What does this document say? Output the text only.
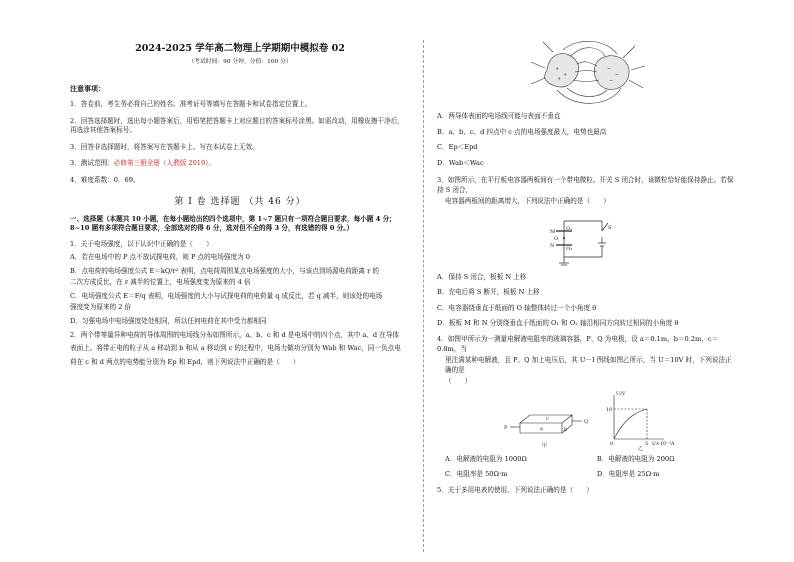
2024-2025 学年高二物理上学期期中模拟卷 02
（考试时间：90 分钟，分值：100 分）
注意事项：

1．答卷前，考生务必将自己的姓名、准考证号等填写在答题卡和试卷指定位置上。

2．回答选择题时，选出每小题答案后，用铅笔把答题卡上对应题目的答案标号涂黑。如需改动，用橡皮擦干净后，再选涂其他答案标号。

3．回答非选择题时，将答案写在答题卡上。写在本试卷上无效。

3．测试范围：必修第三册全册（人教版 2019）。

4．难度系数：0．69。

第 I 卷 选择题 （共 46 分）

一、选择题（本题共 10 小题，在每小题给出的四个选项中，第 1~7 题只有一项符合题目要求，每小题 4 分；8~10 题有多项符合题目要求，全部选对的得 6 分，选对但不全的得 3 分，有选错的得 0 分。）

1．关于电场强度，以下认识中正确的是（　　）

A．若在电场中的 P 点不放试探电荷，则 P 点的电场强度为 0

B．点电荷的电场强度公式 E＝kQ/r² 表明，点电荷周围某点电场强度的大小，与该点到场源电荷距离 r 的

二次方成反比，在 r 减半的位置上，电场强度变为原来的 4 倍

C．电场强度公式 E＝F/q 表明，电场强度的大小与试探电荷的电荷量 q 成反比，若 q 减半，则该处的电场

强度变为原来的 2 倍

D．匀强电场中电场强度处处相同，所以任何电荷在其中受力都相同

2．两个带等量异种电荷的导体周围的电场线分布如图所示，a、b、c 和 d 是电场中的四个点，其中 a、d 在导体

表面上。将带正电的粒子从 a 移动到 b 和从 a 移动到 c 的过程中，电场力做功分别为 Wab 和 Wac，同一负点电

荷在 c 和 d 两点的电势能分别为 Ep 和 Epd，则下列说法中正确的是（　　）

+
+
+
−
−
−

A．两导体表面的电场线可能与表面不垂直

B．a、b、c、d 四点中 c 点的电场强度最大，电势也最高

C．Ep＜Epd

D．Wab＜Wac

3．如图所示，在平行板电容器两板间有一个带电微粒。开关 S 闭合时，该微粒恰好能保持静止。若保持 S 闭合，

电容器两板间的距离增大，下列说法中正确的是（　　）

M O₁
O
N O₂
S

A．保持 S 闭合，板板 N 上移

B．充电后将 S 断开，板板 N 上移

C．电容器绕垂直于纸面的 O 轴整体转过一个小角度 θ

D．板板 M 和 N 分别绕垂直于纸面的 O₁ 和 O₂ 轴沿相同方向转过相同的小角度 θ

4．如图甲所示为一测量电解液电阻率的玻璃容器，P、Q 为电极，设 a＝0.1m，b＝0.2m，c＝0.8m，当

里注满某种电解液，且 P、Q 加上电压后，其 U－I 图线如图乙所示，当 U＝10V 时，下列说法正确的是

（　　）

P
Q
a	b
c
甲
U/V
10
0	5 I/×10⁻³A
乙
A．电解液的电阻为 1000Ω	B．电解液的电阻为 200Ω
C．电阻率是 50Ω·m	D．电阻率是 25Ω·m

5．关于多用电表的使用，下列说法正确的是（　　）
